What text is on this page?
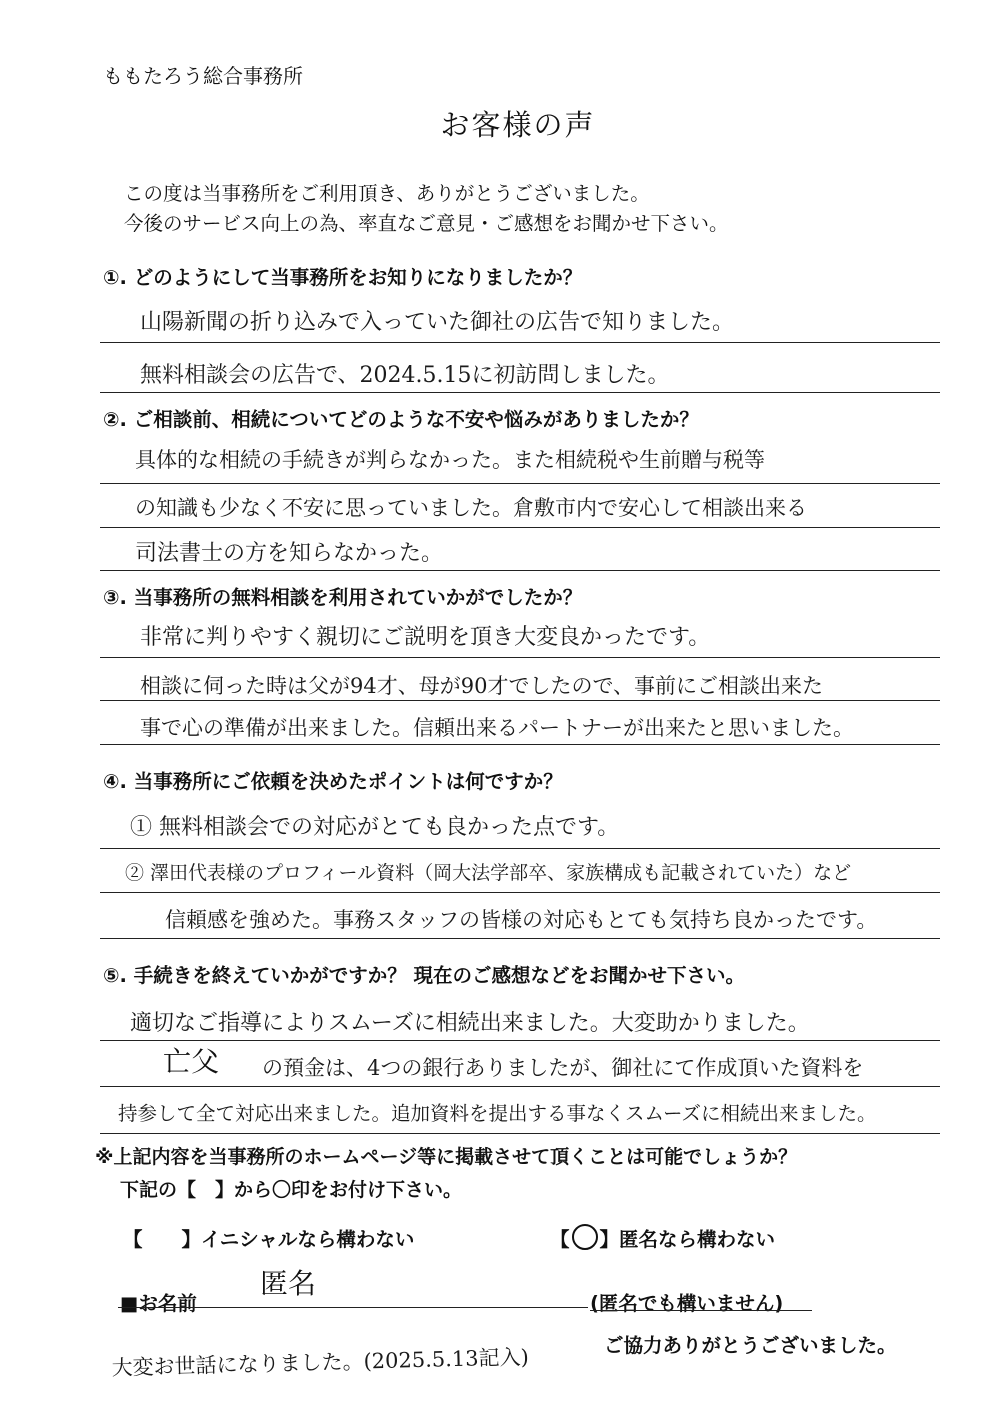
ももたろう総合事務所
お客様の声
この度は当事務所をご利用頂き、ありがとうございました。
今後のサービス向上の為、率直なご意見・ご感想をお聞かせ下さい。
①. どのようにして当事務所をお知りになりましたか？
山陽新聞の折り込みで入っていた御社の広告で知りました。
無料相談会の広告で、2024.5.15に初訪問しました。
②. ご相談前、相続についてどのような不安や悩みがありましたか？
具体的な相続の手続きが判らなかった。また相続税や生前贈与税等
の知識も少なく不安に思っていました。倉敷市内で安心して相談出来る
司法書士の方を知らなかった。
③. 当事務所の無料相談を利用されていかがでしたか？
非常に判りやすく親切にご説明を頂き大変良かったです。
相談に伺った時は父が94才、母が90才でしたので、事前にご相談出来た
事で心の準備が出来ました。信頼出来るパートナーが出来たと思いました。
④. 当事務所にご依頼を決めたポイントは何ですか？
① 無料相談会での対応がとても良かった点です。
② 澤田代表様のプロフィール資料（岡大法学部卒、家族構成も記載されていた）など
信頼感を強めた。事務スタッフの皆様の対応もとても気持ち良かったです。
⑤. 手続きを終えていかがですか？ 現在のご感想などをお聞かせ下さい。
適切なご指導によりスムーズに相続出来ました。大変助かりました。
亡父 の預金は、4つの銀行ありましたが、御社にて作成頂いた資料を
持参して全て対応出来ました。追加資料を提出する事なくスムーズに相続出来ました。
※上記内容を当事務所のホームページ等に掲載させて頂くことは可能でしょうか？
下記の【　】から〇印をお付け下さい。
【　　】イニシャルなら構わない	【 ○ 】匿名なら構わない
■お名前
匿名
(匿名でも構いません)
ご協力ありがとうございました。
大変お世話になりました。(2025.5.13記入)
